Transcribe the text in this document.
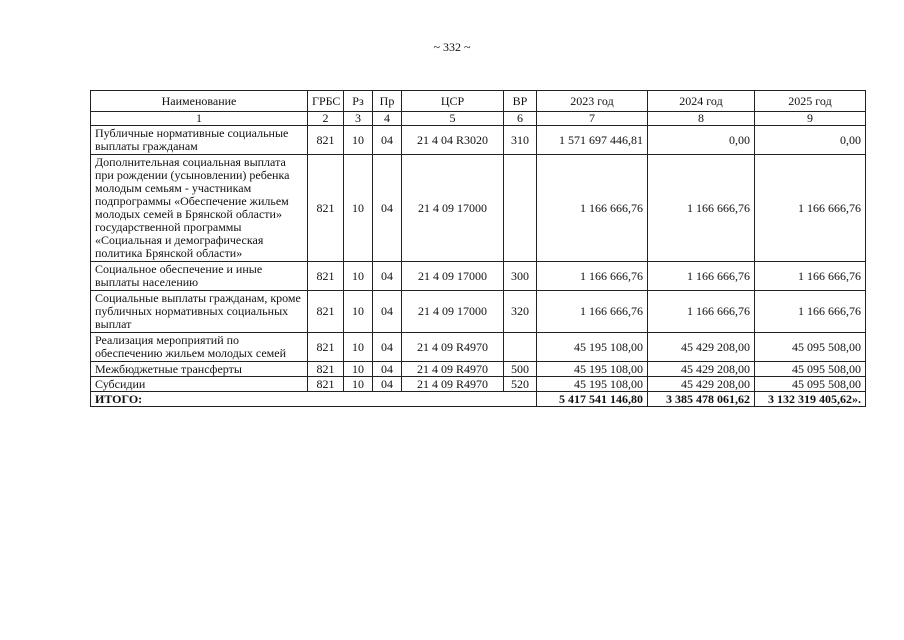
~ 332 ~
Наименование	ГРБС	Рз	Пр	ЦСР	ВР	2023 год	2024 год	2025 год
1	2	3	4	5	6	7	8	9
Публичные нормативные социальные выплаты гражданам	821	10	04	21 4 04 R3020	310	1 571 697 446,81	0,00	0,00
Дополнительная социальная выплата при рождении (усыновлении) ребенка молодым семьям - участникам подпрограммы «Обеспечение жильем молодых семей в Брянской области» государственной программы «Социальная и демографическая политика Брянской области»	821	10	04	21 4 09 17000		1 166 666,76	1 166 666,76	1 166 666,76
Социальное обеспечение и иные выплаты населению	821	10	04	21 4 09 17000	300	1 166 666,76	1 166 666,76	1 166 666,76
Социальные выплаты гражданам, кроме публичных нормативных социальных выплат	821	10	04	21 4 09 17000	320	1 166 666,76	1 166 666,76	1 166 666,76
Реализация мероприятий по обеспечению жильем молодых семей	821	10	04	21 4 09 R4970		45 195 108,00	45 429 208,00	45 095 508,00
Межбюджетные трансферты	821	10	04	21 4 09 R4970	500	45 195 108,00	45 429 208,00	45 095 508,00
Субсидии	821	10	04	21 4 09 R4970	520	45 195 108,00	45 429 208,00	45 095 508,00
ИТОГО:						5 417 541 146,80	3 385 478 061,62	3 132 319 405,62».
